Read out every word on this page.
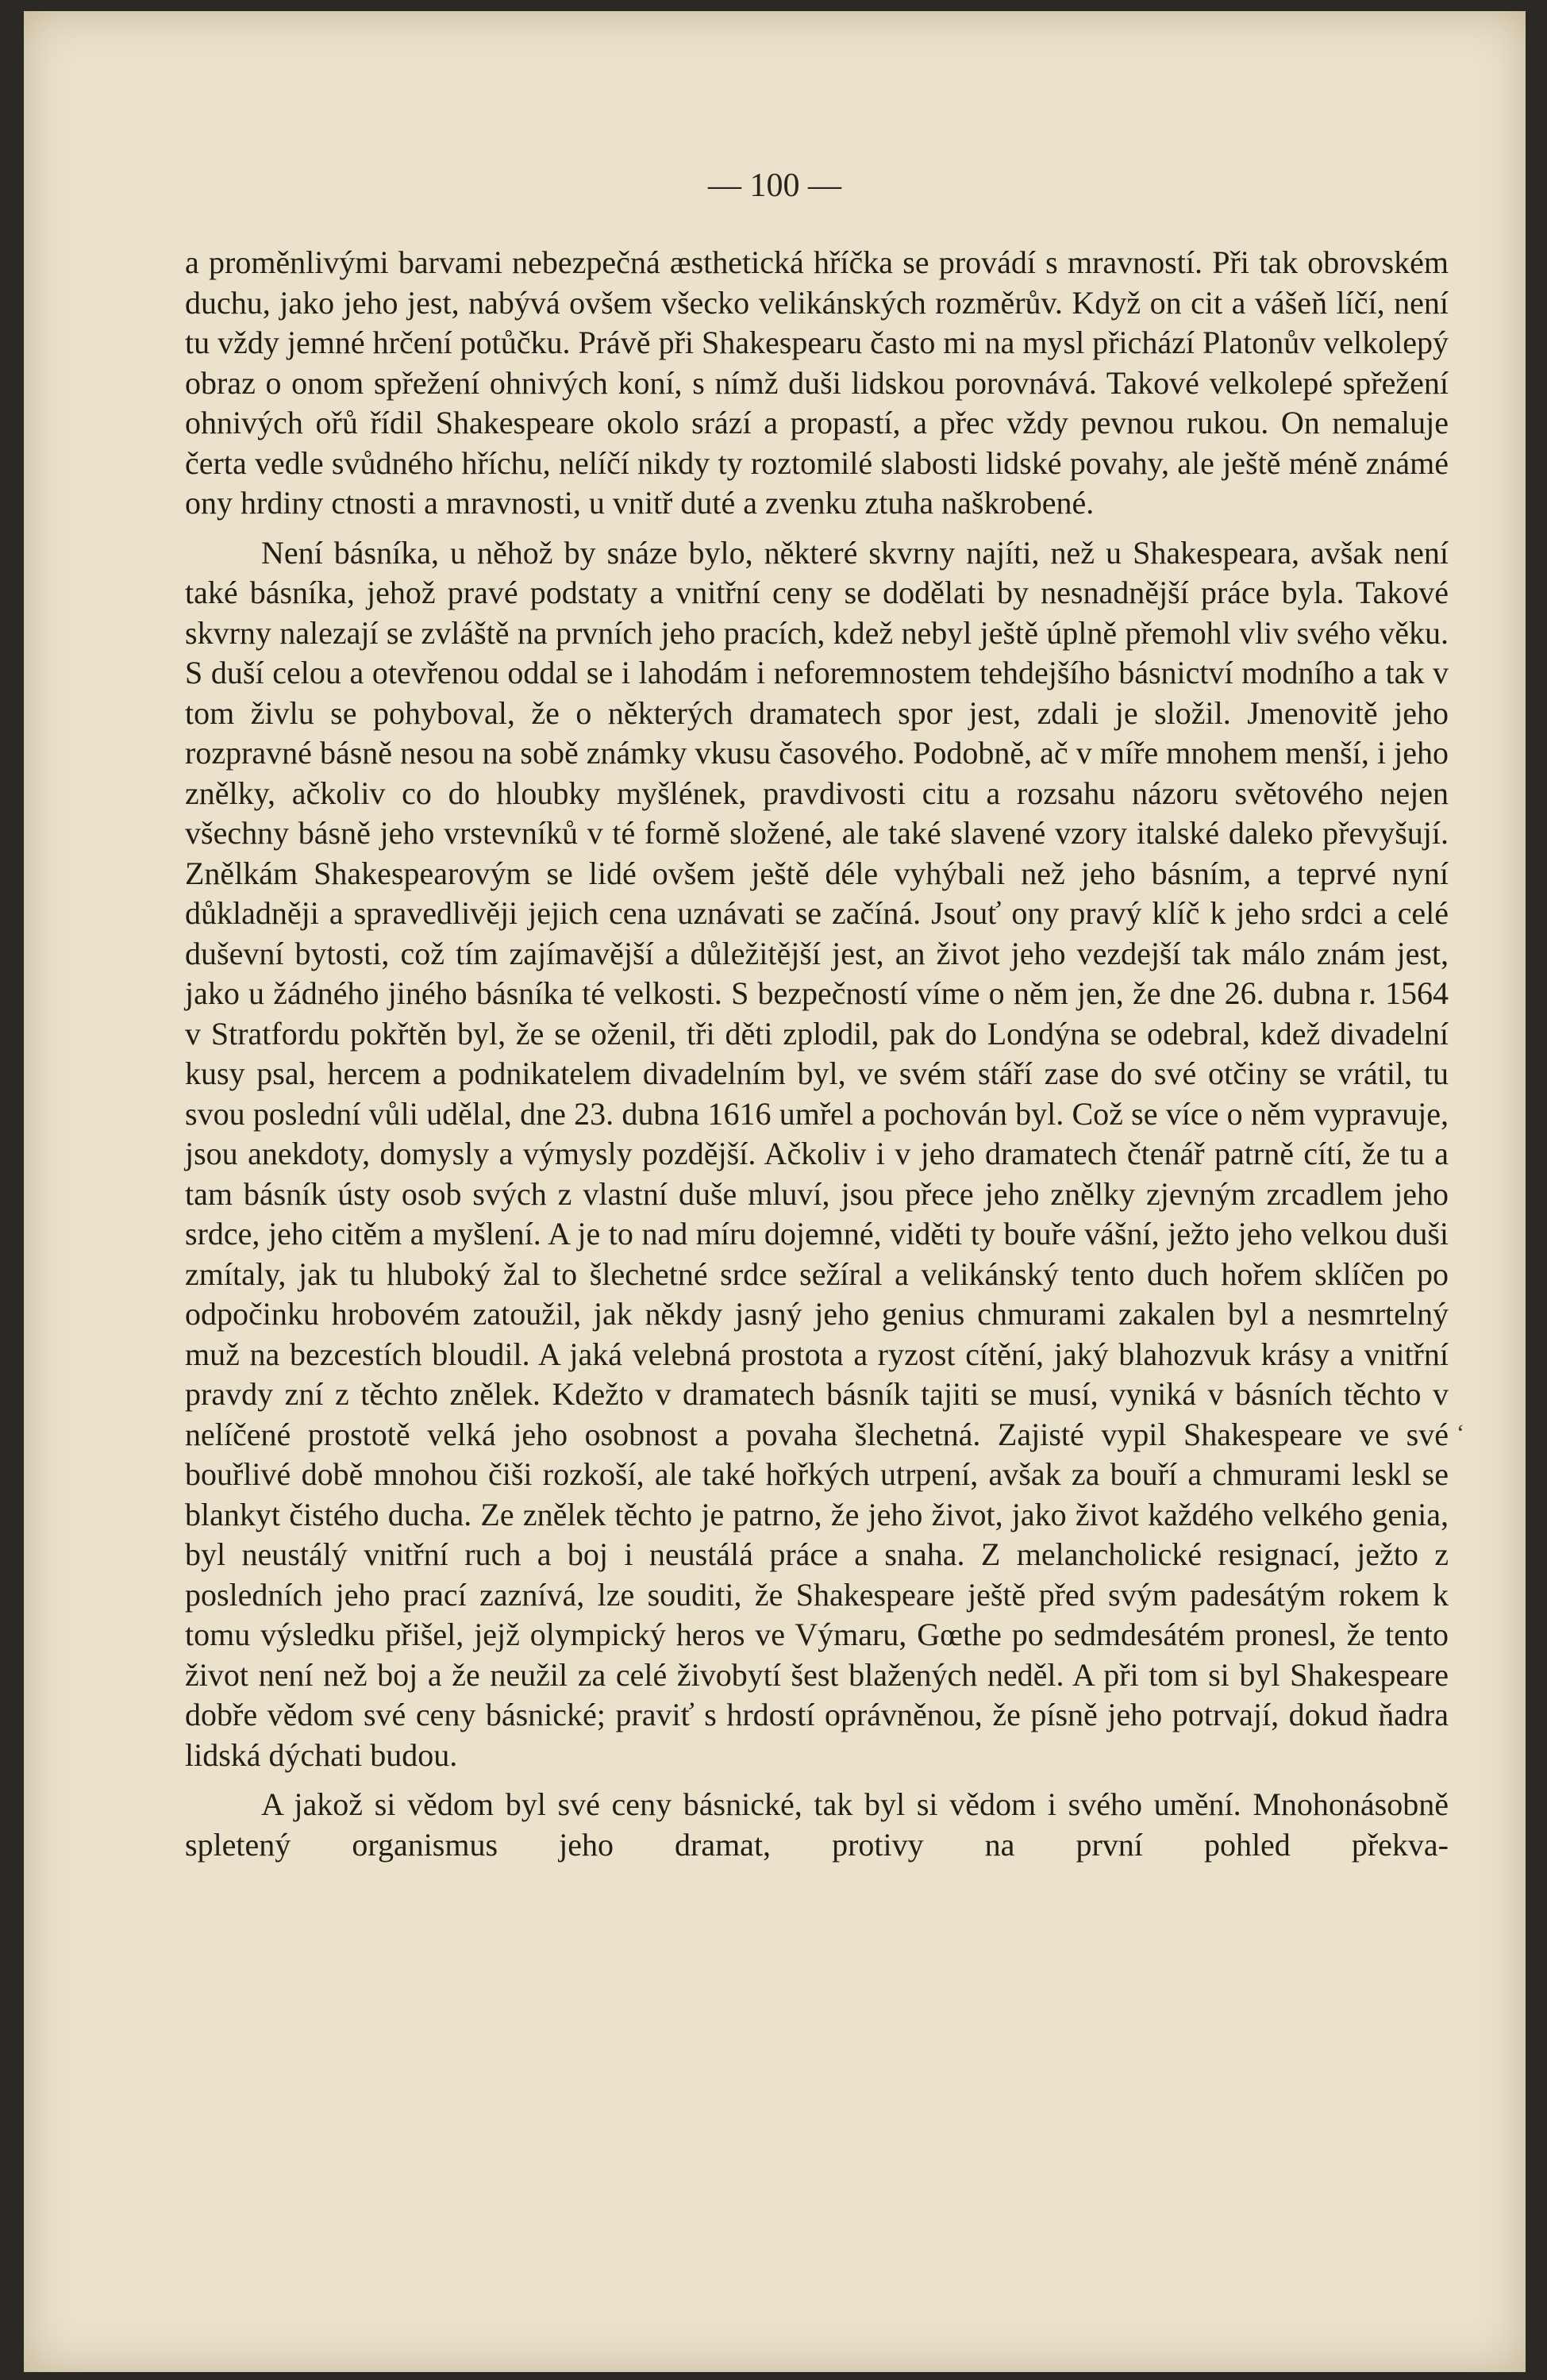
— 100 —

a proměnlivými barvami nebezpečná æsthetická hříčka se provádí s mravností. Při tak obrovském duchu, jako jeho jest, nabývá ovšem všecko velikánských rozměrův. Když on cit a vášeň líčí, není tu vždy jemné hrčení potůčku. Právě při Shakespearu často mi na mysl přichází Platonův velkolepý obraz o onom spřežení ohnivých koní, s nímž duši lidskou porovnává. Takové velkolepé spřežení ohnivých ořů řídil Shakespeare okolo srází a propastí, a přec vždy pevnou rukou. On nemaluje čerta vedle svůdného hříchu, nelíčí nikdy ty roztomilé slabosti lidské povahy, ale ještě méně známé ony hrdiny ctnosti a mravnosti, u vnitř duté a zvenku ztuha naškrobené.

Není básníka, u něhož by snáze bylo, některé skvrny najíti, než u Shakespeara, avšak není také básníka, jehož pravé podstaty a vnitřní ceny se dodělati by nesnadnější práce byla. Takové skvrny nalezají se zvláště na prvních jeho pracích, kdež nebyl ještě úplně přemohl vliv svého věku. S duší celou a otevřenou oddal se i lahodám i neforemnostem tehdejšího básnictví modního a tak v tom živlu se pohyboval, že o některých dramatech spor jest, zdali je složil. Jmenovitě jeho rozpravné básně nesou na sobě známky vkusu časového. Podobně, ač v míře mnohem menší, i jeho znělky, ačkoliv co do hloubky myšlének, pravdivosti citu a rozsahu názoru světového nejen všechny básně jeho vrstevníků v té formě složené, ale také slavené vzory italské daleko převyšují. Znělkám Shakespearovým se lidé ovšem ještě déle vyhýbali než jeho básním, a teprvé nyní důkladněji a spravedlivěji jejich cena uznávati se začíná. Jsouť ony pravý klíč k jeho srdci a celé duševní bytosti, což tím zajímavější a důležitější jest, an život jeho vezdejší tak málo znám jest, jako u žádného jiného básníka té velkosti. S bezpečností víme o něm jen, že dne 26. dubna r. 1564 v Stratfordu pokřtěn byl, že se oženil, tři děti zplodil, pak do Londýna se odebral, kdež divadelní kusy psal, hercem a podnikatelem divadelním byl, ve svém stáří zase do své otčiny se vrátil, tu svou poslední vůli udělal, dne 23. dubna 1616 umřel a pochován byl. Což se více o něm vypravuje, jsou anekdoty, domysly a výmysly pozdější. Ačkoliv i v jeho dramatech čtenář patrně cítí, že tu a tam básník ústy osob svých z vlastní duše mluví, jsou přece jeho znělky zjevným zrcadlem jeho srdce, jeho citěm a myšlení. A je to nad míru dojemné, viděti ty bouře vášní, ježto jeho velkou duši zmítaly, jak tu hluboký žal to šlechetné srdce sežíral a velikánský tento duch hořem sklíčen po odpočinku hrobovém zatoužil, jak někdy jasný jeho genius chmurami zakalen byl a nesmrtelný muž na bezcestích bloudil. A jaká velebná prostota a ryzost cítění, jaký blahozvuk krásy a vnitřní pravdy zní z těchto znělek. Kdežto v dramatech básník tajiti se musí, vyniká v básních těchto v nelíčené prostotě velká jeho osobnost a povaha šlechetná. Zajisté vypil Shakespeare ve své bouřlivé době mnohou čiši rozkoší, ale také hořkých utrpení, avšak za bouří a chmurami leskl se blankyt čistého ducha. Ze znělek těchto je patrno, že jeho život, jako život každého velkého genia, byl neustálý vnitřní ruch a boj i neustálá práce a snaha. Z melancholické resignací, ježto z posledních jeho prací zaznívá, lze souditi, že Shakespeare ještě před svým padesátým rokem k tomu výsledku přišel, jejž olympický heros ve Výmaru, Gœthe po sedmdesátém pronesl, že tento život není než boj a že neužil za celé živobytí šest blažených neděl. A při tom si byl Shakespeare dobře vědom své ceny básnické; praviť s hrdostí oprávněnou, že písně jeho potrvají, dokud ňadra lidská dýchati budou.

A jakož si vědom byl své ceny básnické, tak byl si vědom i svého umění. Mnohonásobně spletený organismus jeho dramat, protivy na první pohled překva-

ʻ
